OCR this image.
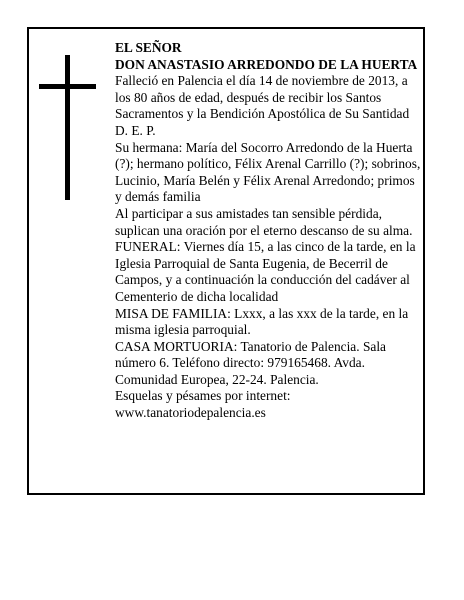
EL SEÑOR

DON ANASTASIO ARREDONDO DE LA HUERTA

Falleció en Palencia el día 14 de noviembre de 2013, a los 80 años de edad, después de recibir los Santos Sacramentos y la Bendición Apostólica de Su Santidad

D. E. P.

Su hermana: María del Socorro Arredondo de la Huerta (?); hermano político, Félix Arenal Carrillo (?); sobrinos, Lucinio, María Belén y Félix Arenal Arredondo; primos y demás familia

Al participar a sus amistades tan sensible pérdida, suplican una oración por el eterno descanso de su alma.

FUNERAL: Viernes día 15, a las cinco de la tarde, en la Iglesia Parroquial de Santa Eugenia, de Becerril de Campos, y a continuación la conducción del cadáver al Cementerio de dicha localidad

MISA DE FAMILIA: Lxxx, a las xxx de la tarde, en la misma iglesia parroquial.

CASA MORTUORIA: Tanatorio de Palencia. Sala número 6. Teléfono directo: 979165468. Avda. Comunidad Europea, 22-24. Palencia.

Esquelas y pésames por internet:

www.tanatoriodepalencia.es
